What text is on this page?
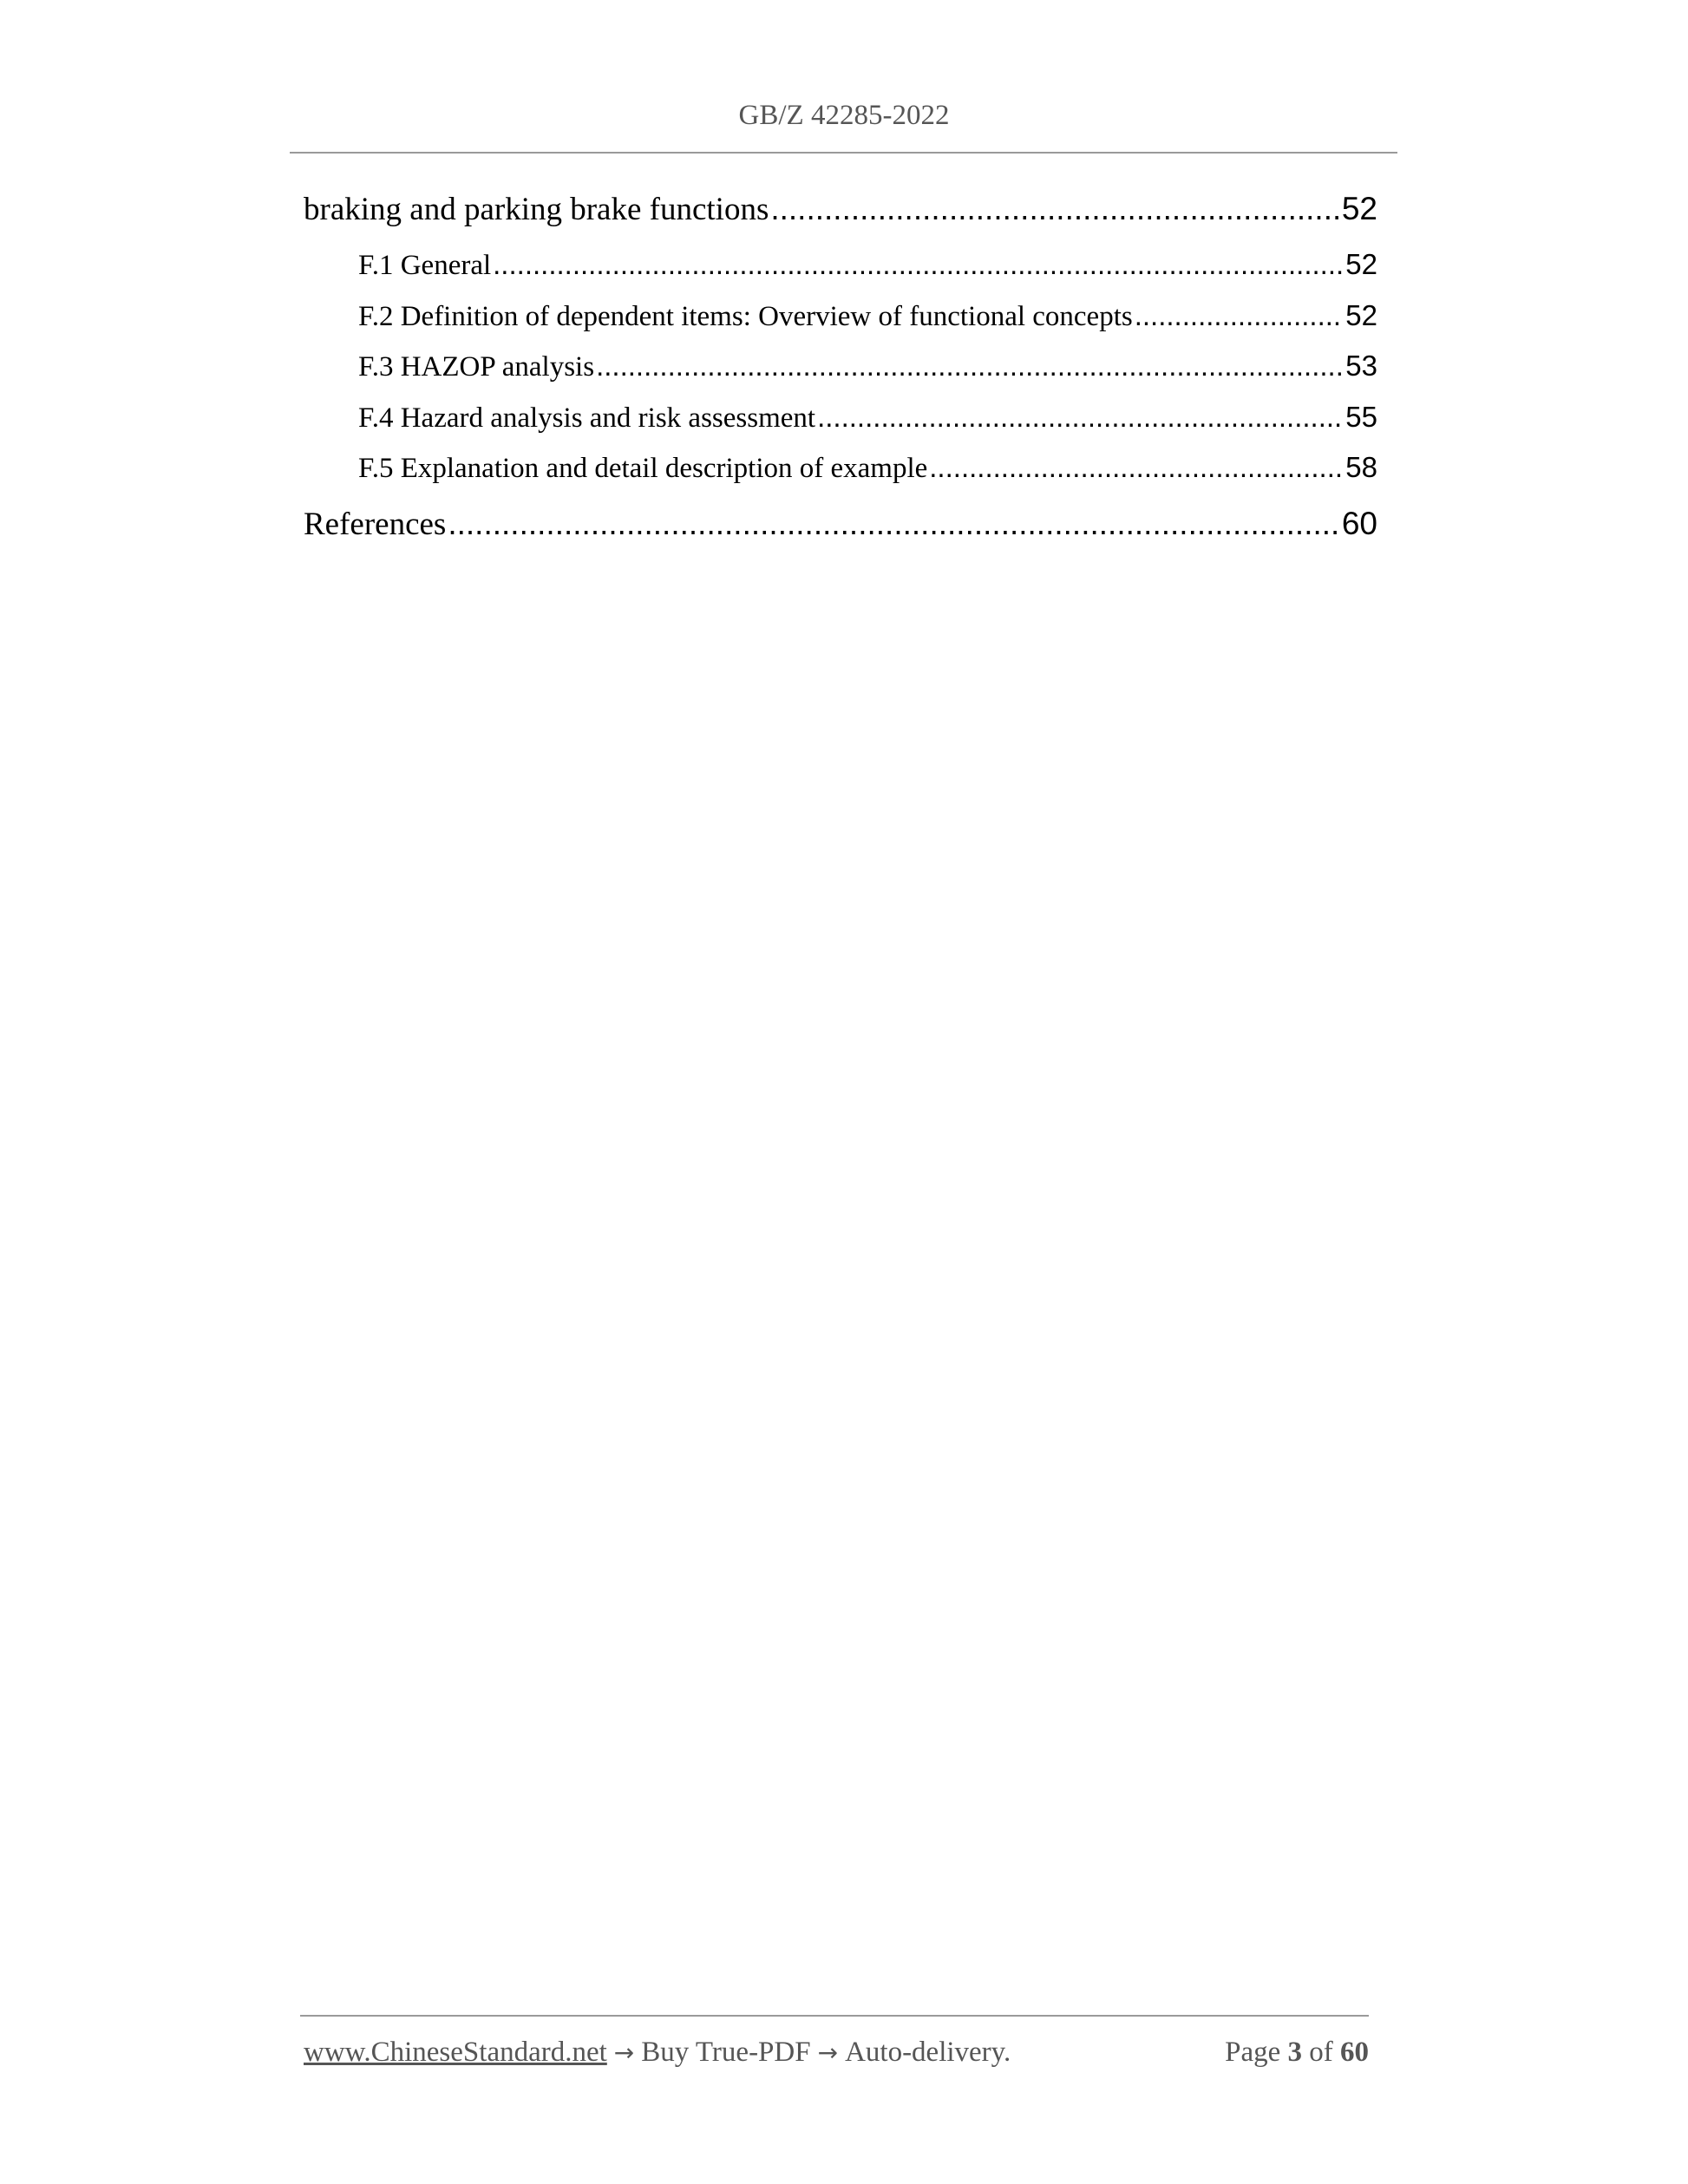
GB/Z 42285-2022
braking and parking brake functions .....	52
F.1 General .....	52
F.2 Definition of dependent items: Overview of functional concepts .....	52
F.3 HAZOP analysis .....	53
F.4 Hazard analysis and risk assessment .....	55
F.5 Explanation and detail description of example .....	58
References .....	60
www.ChineseStandard.net → Buy True-PDF → Auto-delivery.	Page 3 of 60
